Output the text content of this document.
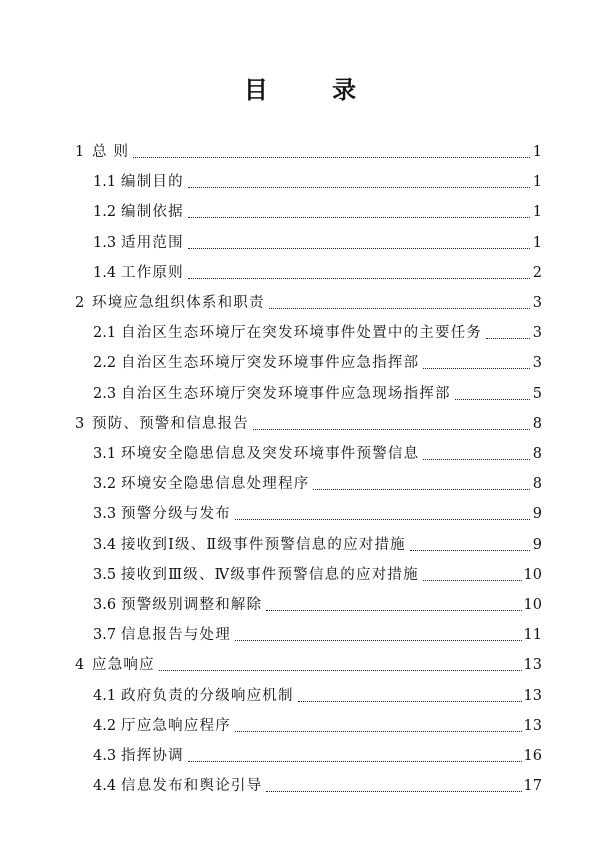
目 录
1 总 则	1
1.1 编制目的	1
1.2 编制依据	1
1.3 适用范围	1
1.4 工作原则	2
2 环境应急组织体系和职责	3
2.1 自治区生态环境厅在突发环境事件处置中的主要任务	3
2.2 自治区生态环境厅突发环境事件应急指挥部	3
2.3 自治区生态环境厅突发环境事件应急现场指挥部	5
3 预防、预警和信息报告	8
3.1 环境安全隐患信息及突发环境事件预警信息	8
3.2 环境安全隐患信息处理程序	8
3.3 预警分级与发布	9
3.4 接收到Ⅰ级、Ⅱ级事件预警信息的应对措施	9
3.5 接收到Ⅲ级、Ⅳ级事件预警信息的应对措施	10
3.6 预警级别调整和解除	10
3.7 信息报告与处理	11
4 应急响应	13
4.1 政府负责的分级响应机制	13
4.2 厅应急响应程序	13
4.3 指挥协调	16
4.4 信息发布和舆论引导	17
